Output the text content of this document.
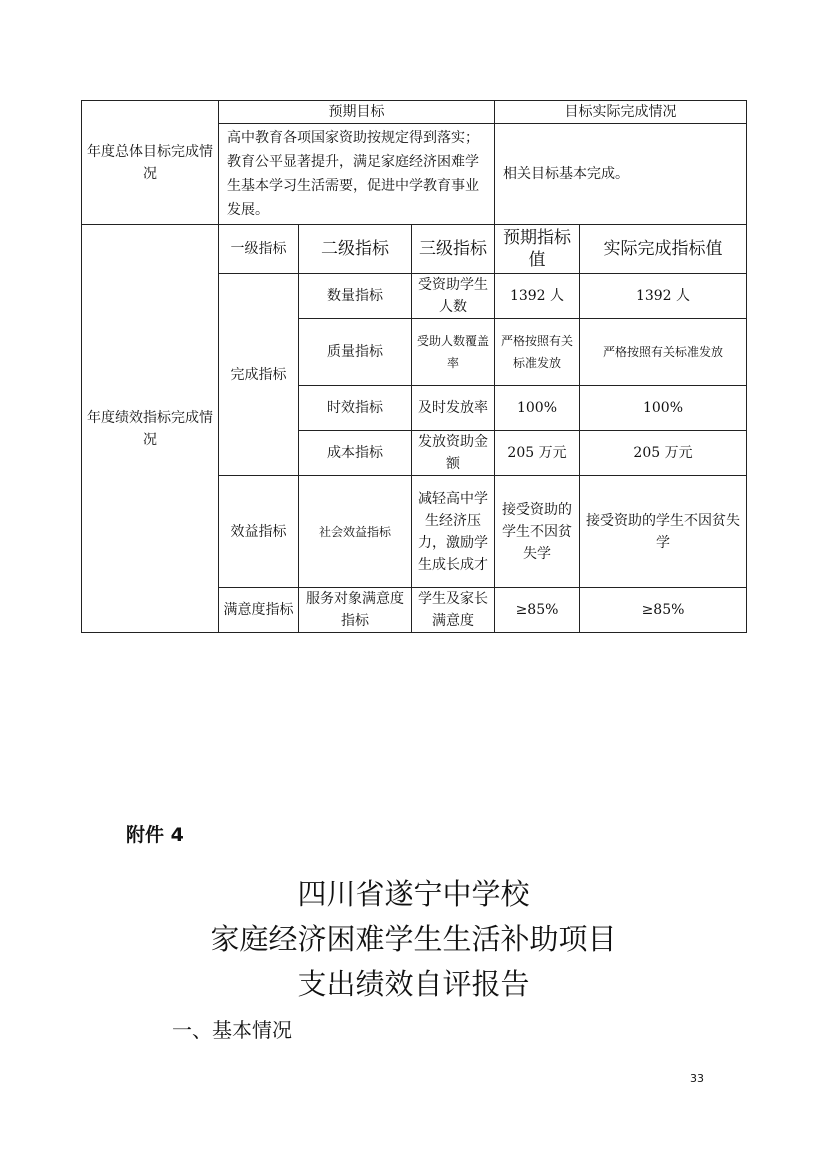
年度总体目标完成情况	预期目标			目标实际完成情况	
	高中教育各项国家资助按规定得到落实；教育公平显著提升，满足家庭经济困难学生基本学习生活需要，促进中学教育事业发展。			相关目标基本完成。	
年度绩效指标完成情况	一级指标	二级指标	三级指标	预期指标值	实际完成指标值
	完成指标	数量指标	受资助学生人数	1392 人	1392 人
		质量指标	受助人数覆盖率	严格按照有关标准发放	严格按照有关标准发放
		时效指标	及时发放率	100%	100%
		成本指标	发放资助金额	205 万元	205 万元
	效益指标	社会效益指标	减轻高中学生经济压力，激励学生成长成才	接受资助的学生不因贫失学	接受资助的学生不因贫失学
	满意度指标	服务对象满意度指标	学生及家长满意度	≥85%	≥85%
附件 4
四川省遂宁中学校
家庭经济困难学生生活补助项目
支出绩效自评报告
一、基本情况
33
